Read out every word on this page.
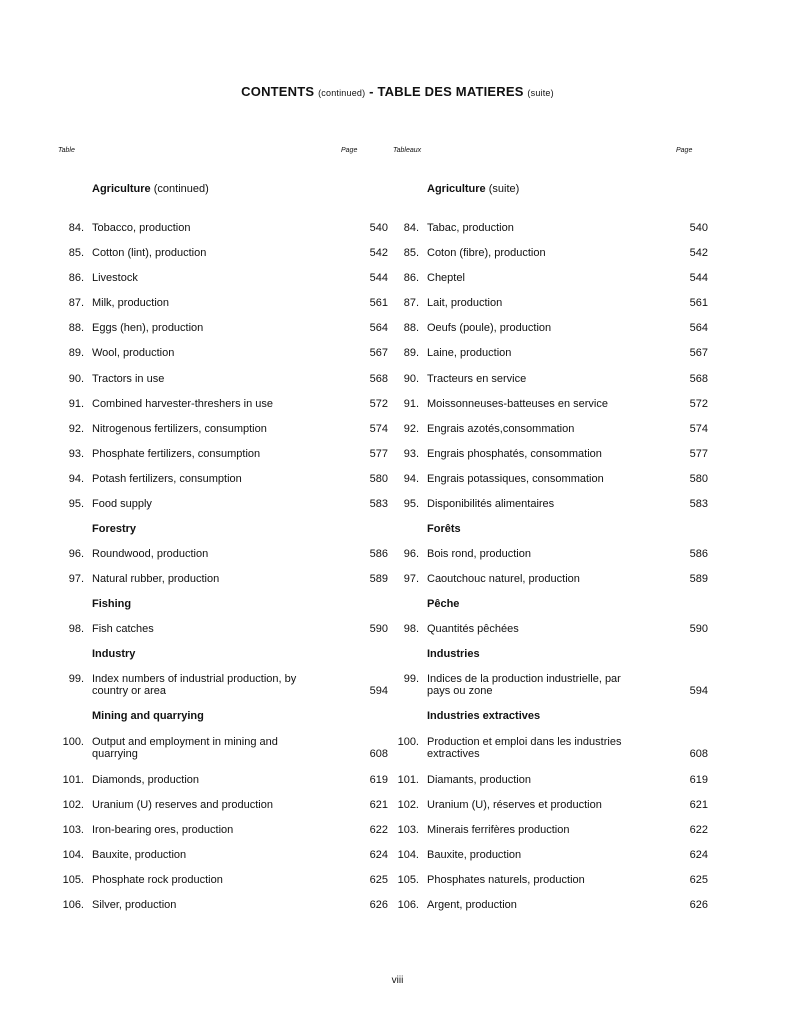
CONTENTS (continued) - TABLE DES MATIERES (suite)
Table	Page	Tableaux	Page
Agriculture (continued)
84. Tobacco, production . . .	540
85. Cotton (lint), production . . .	542
86. Livestock . . .	544
87. Milk, production . . .	561
88. Eggs (hen), production . . .	564
89. Wool, production . . .	567
90. Tractors in use . . .	568
91. Combined harvester-threshers in use . . .	572
92. Nitrogenous fertilizers, consumption . . .	574
93. Phosphate fertilizers, consumption . . .	577
94. Potash fertilizers, consumption . . .	580
95. Food supply . . .	583
Forestry
96. Roundwood, production . . .	586
97. Natural rubber, production . . .	589
Fishing
98. Fish catches . . .	590
Industry
99. Index numbers of industrial production, by
country or area . . .	594
Mining and quarrying
100. Output and employment in mining and
quarrying . . .	608
101. Diamonds, production . . .	619
102. Uranium (U) reserves and production . . .	621
103. Iron-bearing ores, production . . .	622
104. Bauxite, production . . .	624
105. Phosphate rock production . . .	625
106. Silver, production . . .	626
Agriculture (suite)
84. Tabac, production . . .	540
85. Coton (fibre), production . . .	542
86. Cheptel . . .	544
87. Lait, production . . .	561
88. Oeufs (poule), production . . .	564
89. Laine, production . . .	567
90. Tracteurs en service . . .	568
91. Moissonneuses-batteuses en service . . .	572
92. Engrais azotés,consommation . . .	574
93. Engrais phosphatés, consommation . . .	577
94. Engrais potassiques, consommation . . .	580
95. Disponibilités alimentaires . . .	583
Forêts
96. Bois rond, production . . .	586
97. Caoutchouc naturel, production . . .	589
Pêche
98. Quantités pêchées . . .	590
Industries
99. Indices de la production industrielle, par
pays ou zone . . .	594
Industries extractives
100. Production et emploi dans les industries
extractives . . .	608
101. Diamants, production . . .	619
102. Uranium (U), réserves et production . . .	621
103. Minerais ferrifères production . . .	622
104. Bauxite, production . . .	624
105. Phosphates naturels, production . . .	625
106. Argent, production . . .	626
viii
